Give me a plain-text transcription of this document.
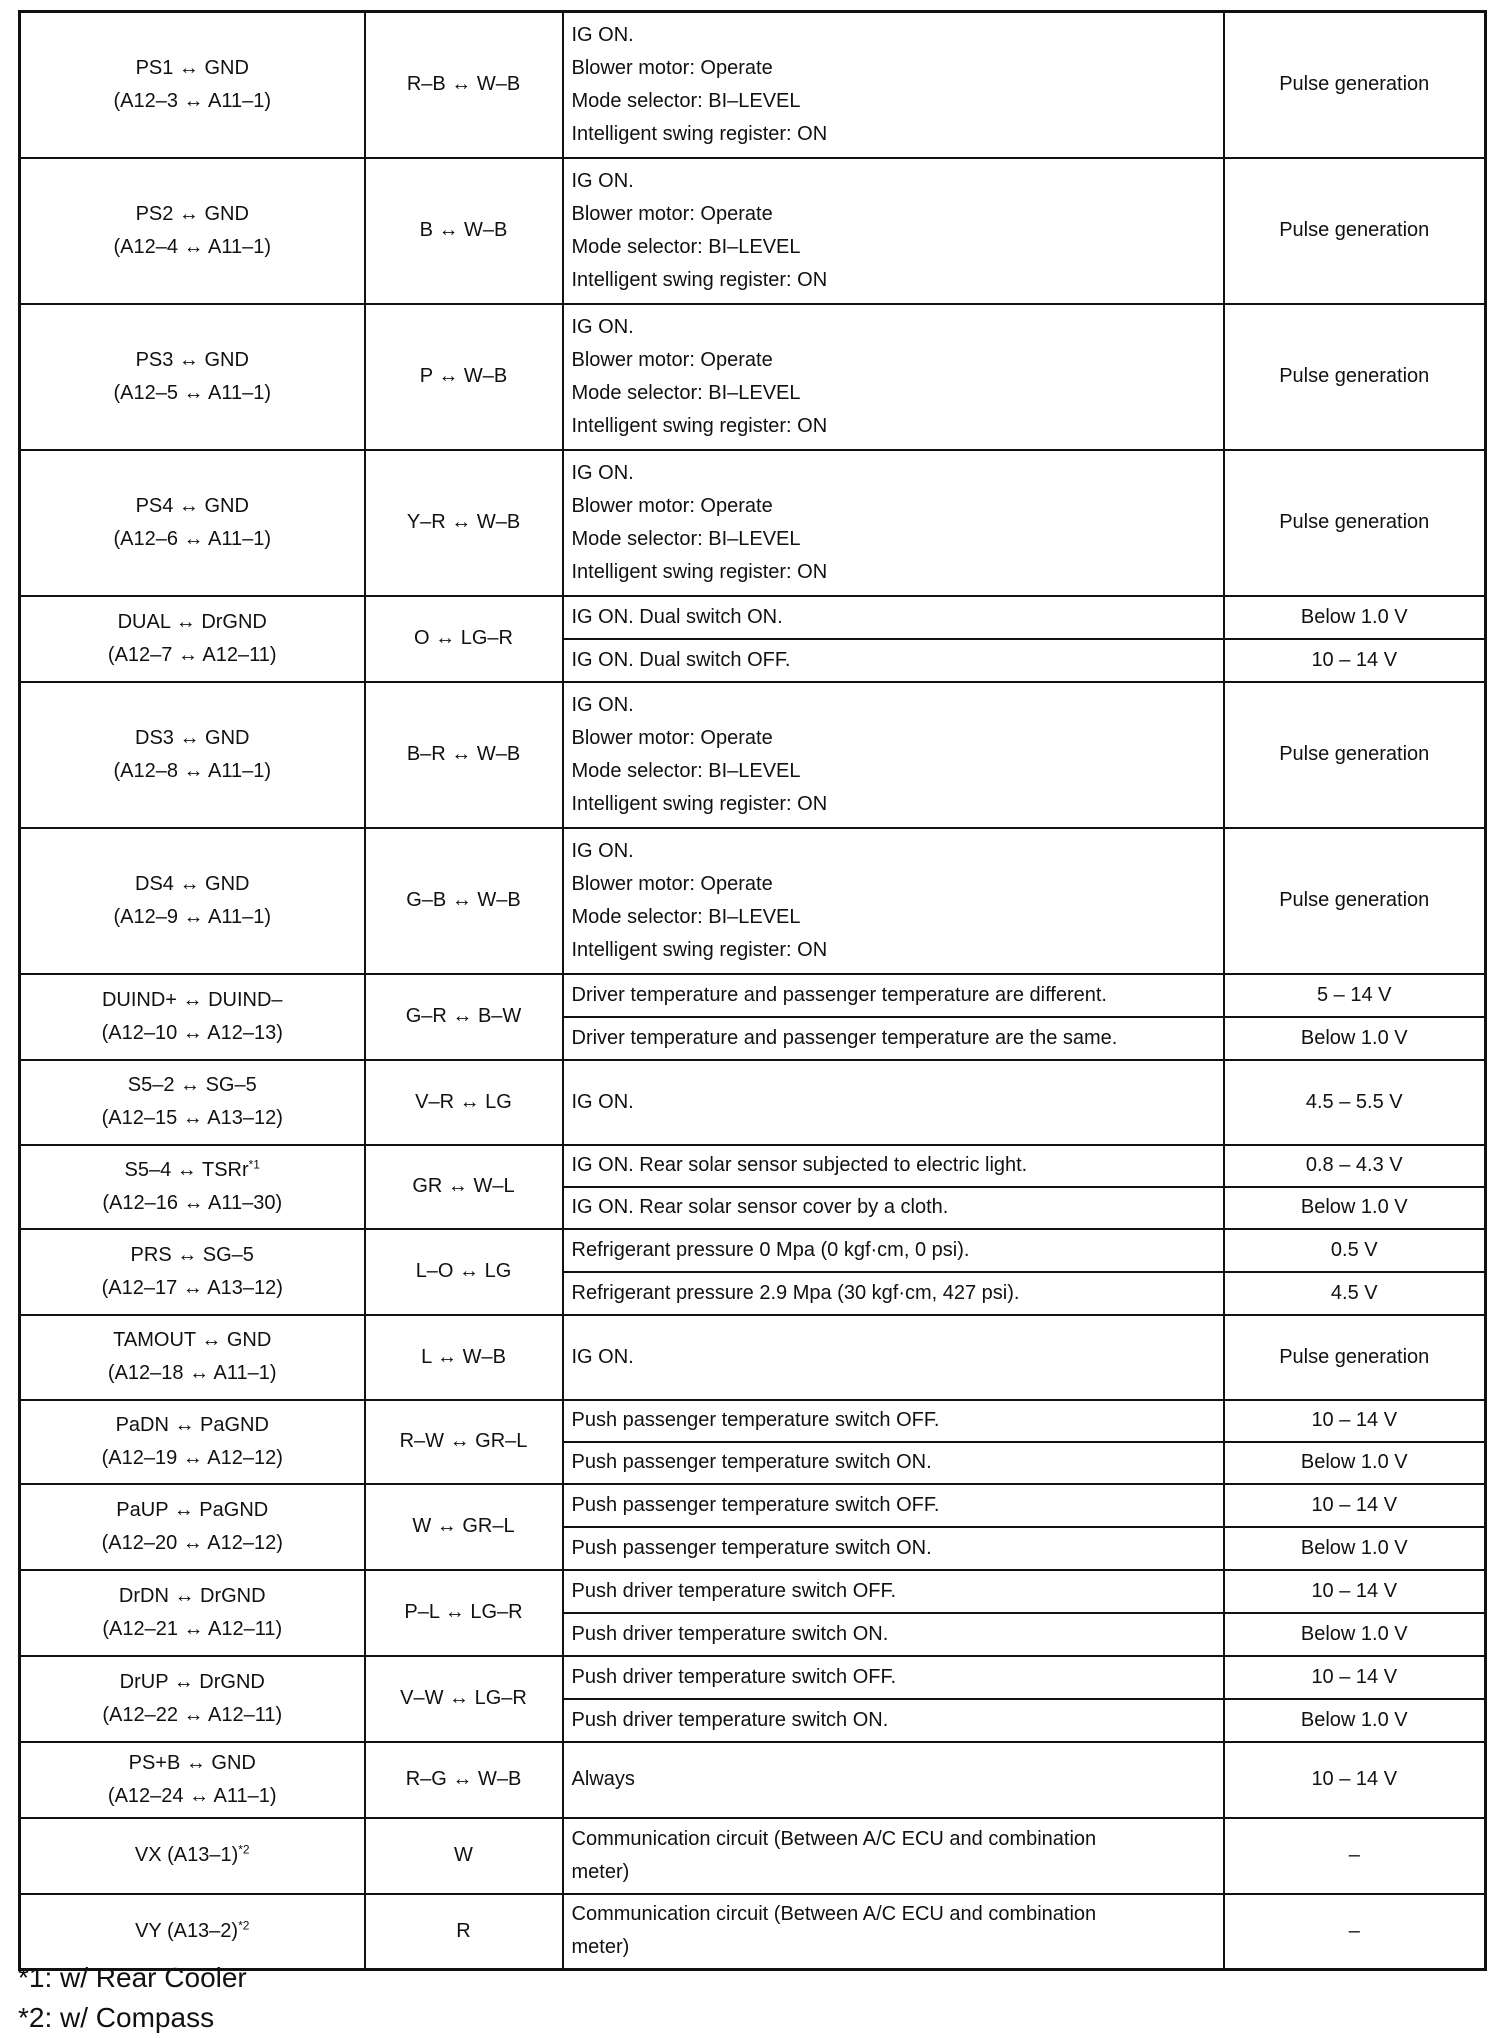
PS1 ↔ GND
(A12–3 ↔ A11–1)	R–B ↔ W–B	IG ON.
Blower motor: Operate
Mode selector: BI–LEVEL
Intelligent swing register: ON	Pulse generation

PS2 ↔ GND
(A12–4 ↔ A11–1)	B ↔ W–B	IG ON.
Blower motor: Operate
Mode selector: BI–LEVEL
Intelligent swing register: ON	Pulse generation

PS3 ↔ GND
(A12–5 ↔ A11–1)	P ↔ W–B	IG ON.
Blower motor: Operate
Mode selector: BI–LEVEL
Intelligent swing register: ON	Pulse generation

PS4 ↔ GND
(A12–6 ↔ A11–1)	Y–R ↔ W–B	IG ON.
Blower motor: Operate
Mode selector: BI–LEVEL
Intelligent swing register: ON	Pulse generation

DUAL ↔ DrGND
(A12–7 ↔ A12–11)	O ↔ LG–R	IG ON. Dual switch ON.	Below 1.0 V

		IG ON. Dual switch OFF.	10 – 14 V

DS3 ↔ GND
(A12–8 ↔ A11–1)	B–R ↔ W–B	IG ON.
Blower motor: Operate
Mode selector: BI–LEVEL
Intelligent swing register: ON	Pulse generation

DS4 ↔ GND
(A12–9 ↔ A11–1)	G–B ↔ W–B	IG ON.
Blower motor: Operate
Mode selector: BI–LEVEL
Intelligent swing register: ON	Pulse generation

DUIND+ ↔ DUIND–
(A12–10 ↔ A12–13)	G–R ↔ B–W	Driver temperature and passenger temperature are different.	5 – 14 V

		Driver temperature and passenger temperature are the same.	Below 1.0 V

S5–2 ↔ SG–5
(A12–15 ↔ A13–12)	V–R ↔ LG	IG ON.	4.5 – 5.5 V

S5–4 ↔ TSRr$^{*1}$
(A12–16 ↔ A11–30)	GR ↔ W–L	IG ON. Rear solar sensor subjected to electric light.	0.8 – 4.3 V

		IG ON. Rear solar sensor cover by a cloth.	Below 1.0 V

PRS ↔ SG–5
(A12–17 ↔ A13–12)	L–O ↔ LG	Refrigerant pressure 0 Mpa (0 kgf·cm, 0 psi).	0.5 V

		Refrigerant pressure 2.9 Mpa (30 kgf·cm, 427 psi).	4.5 V

TAMOUT ↔ GND
(A12–18 ↔ A11–1)	L ↔ W–B	IG ON.	Pulse generation

PaDN ↔ PaGND
(A12–19 ↔ A12–12)	R–W ↔ GR–L	Push passenger temperature switch OFF.	10 – 14 V

		Push passenger temperature switch ON.	Below 1.0 V

PaUP ↔ PaGND
(A12–20 ↔ A12–12)	W ↔ GR–L	Push passenger temperature switch OFF.	10 – 14 V

		Push passenger temperature switch ON.	Below 1.0 V

DrDN ↔ DrGND
(A12–21 ↔ A12–11)	P–L ↔ LG–R	Push driver temperature switch OFF.	10 – 14 V

		Push driver temperature switch ON.	Below 1.0 V

DrUP ↔ DrGND
(A12–22 ↔ A12–11)	V–W ↔ LG–R	Push driver temperature switch OFF.	10 – 14 V

		Push driver temperature switch ON.	Below 1.0 V

PS+B ↔ GND
(A12–24 ↔ A11–1)	R–G ↔ W–B	Always	10 – 14 V

VX $(A13-1)^{*2}$	W	Communication circuit (Between A/C ECU and combination
meter)	–

VY $(A13-2)^{*2}$	R	Communication circuit (Between A/C ECU and combination
meter)	–
*1: w/ Rear Cooler
*2: w/ Compass
